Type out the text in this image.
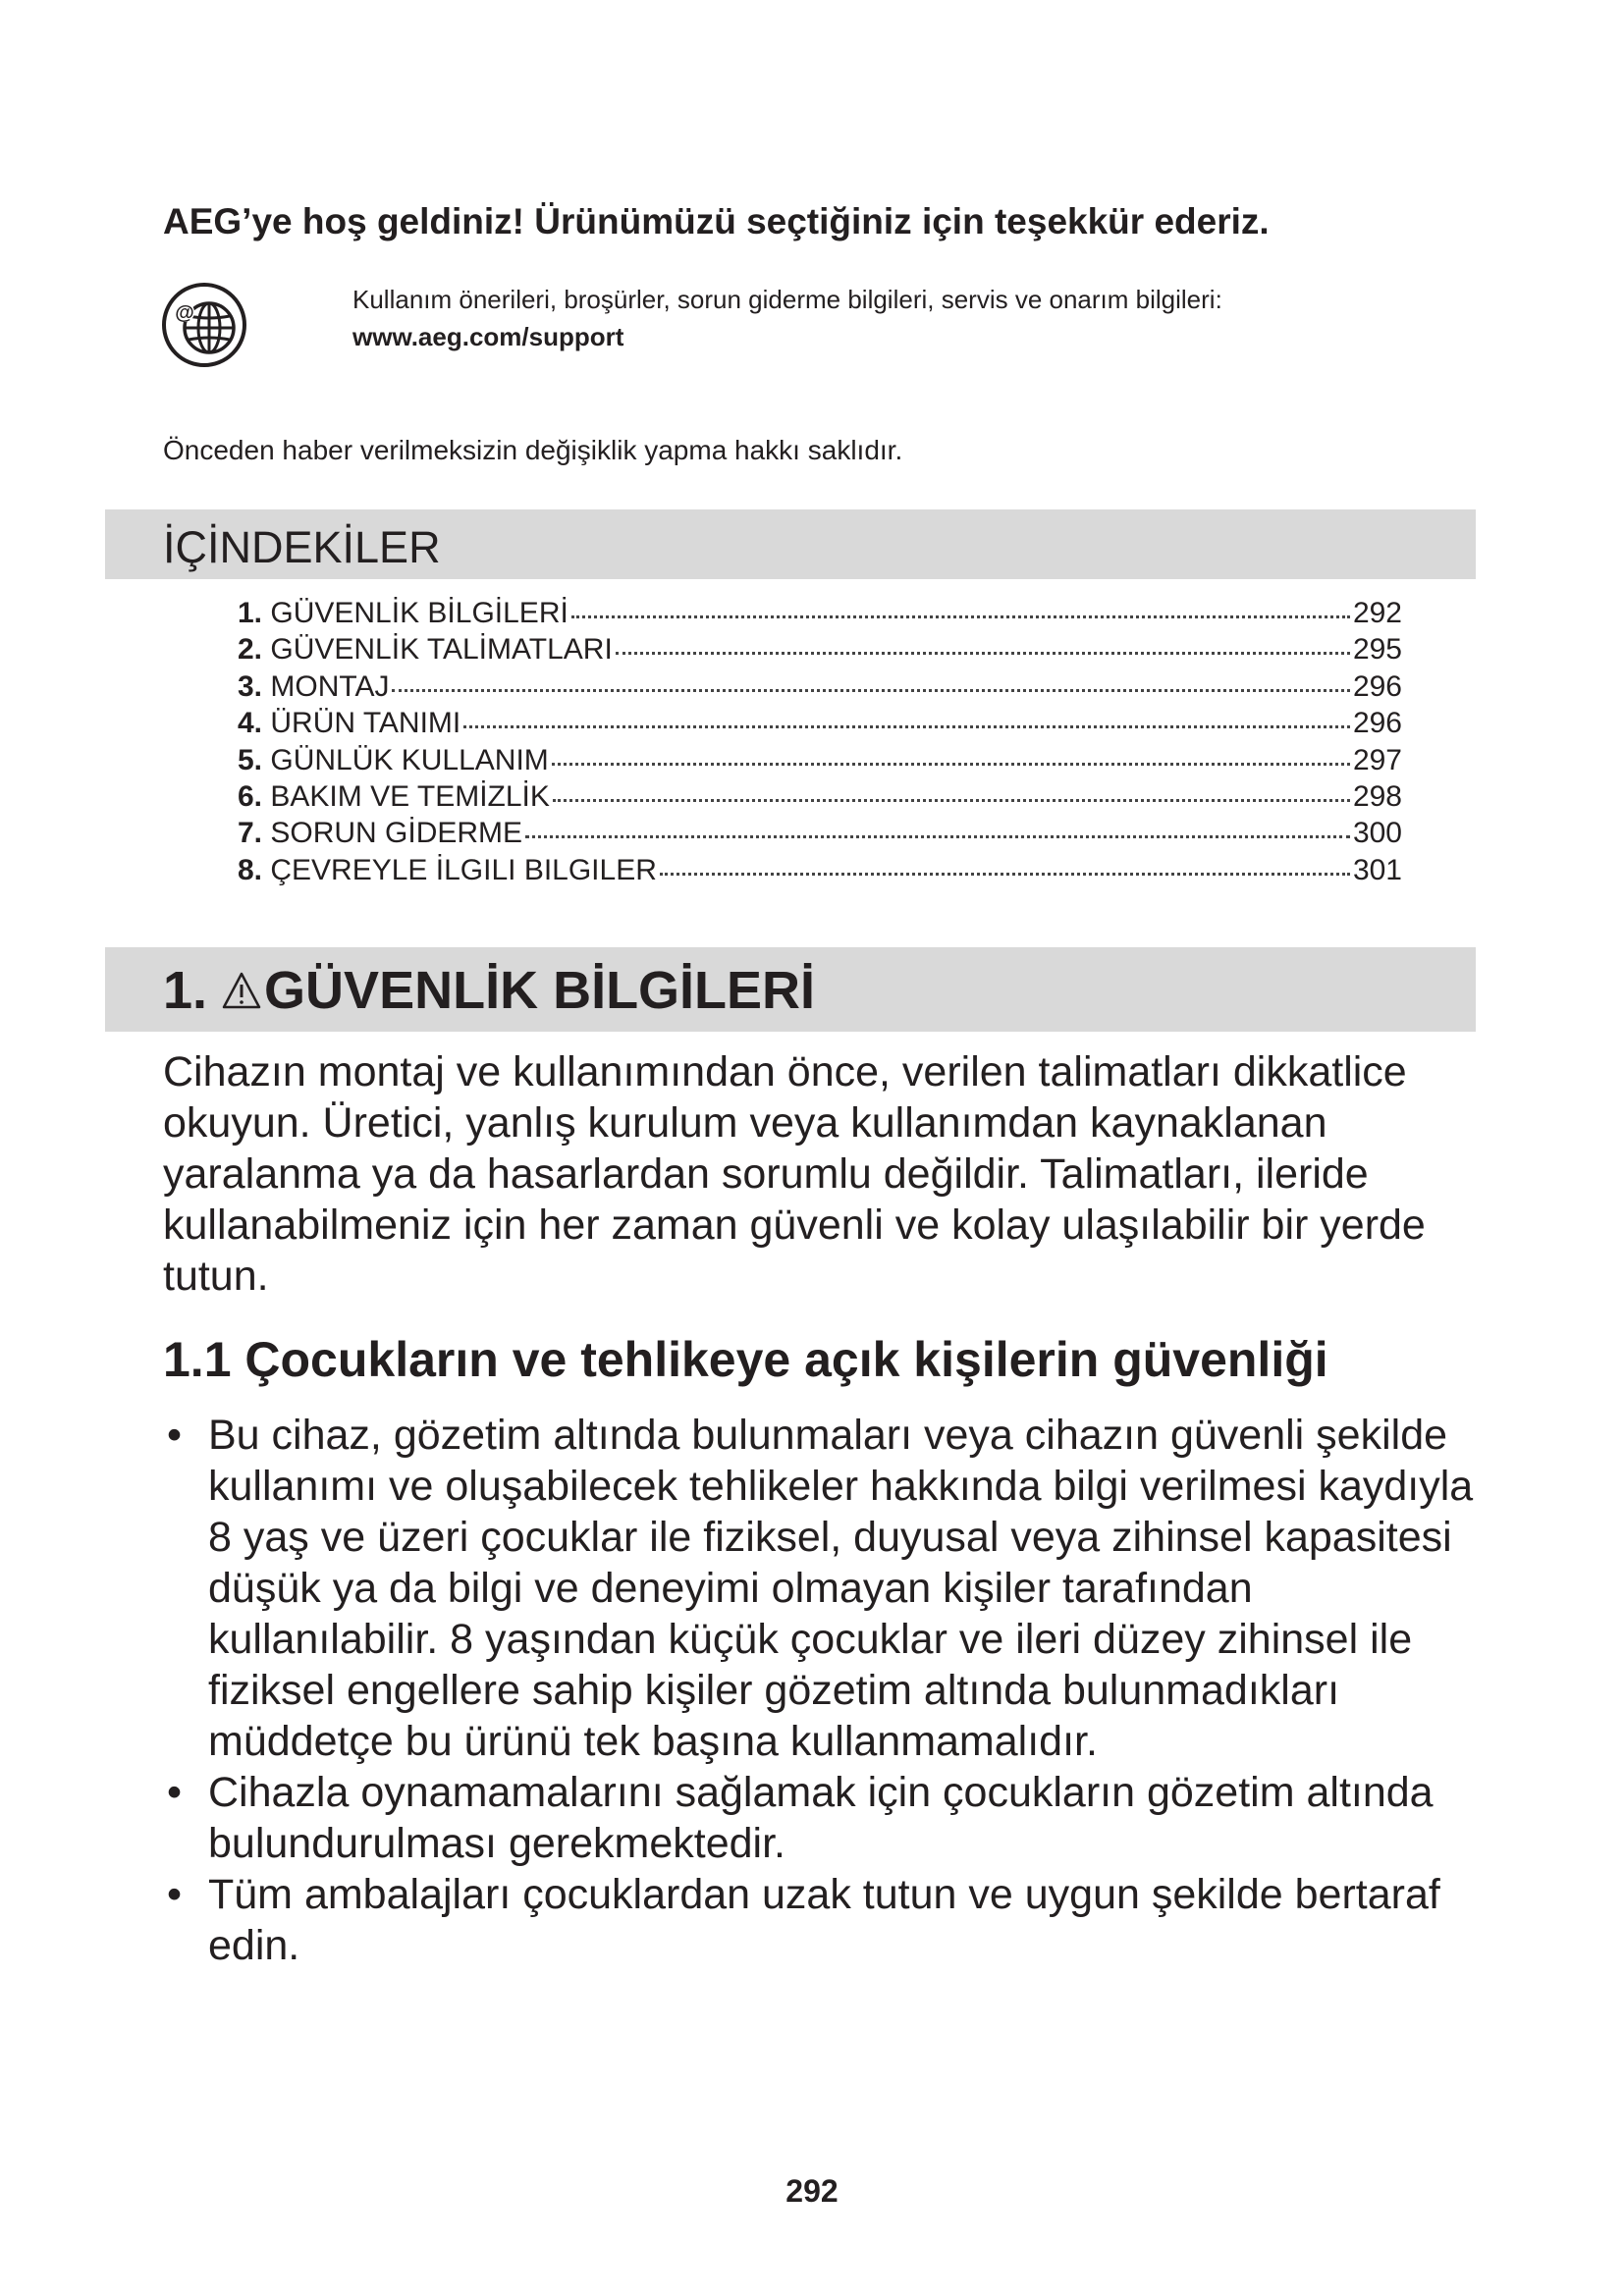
AEG’ye hoş geldiniz! Ürünümüzü seçtiğiniz için teşekkür ederiz.
@	Kullanım önerileri, broşürler, sorun giderme bilgileri, servis ve onarım bilgileri:
www.aeg.com/support
Önceden haber verilmeksizin değişiklik yapma hakkı saklıdır.
İÇİNDEKİLER
1.
GÜVENLİK BİLGİLERİ	292
2.
GÜVENLİK TALİMATLARI	295
3.
MONTAJ	296
4.
ÜRÜN TANIMI	296
5.
GÜNLÜK KULLANIM	297
6.
BAKIM VE TEMİZLİK	298
7.
SORUN GİDERME	300
8.
ÇEVREYLE İLGILI BILGILER	301
1. GÜVENLİK BİLGİLERİ

Cihazın montaj ve kullanımından önce, verilen talimatları dikkatlice okuyun. Üretici, yanlış kurulum veya kullanımdan kaynaklanan yaralanma ya da hasarlardan sorumlu değildir. Talimatları, ileride kullanabilmeniz için her zaman güvenli ve kolay ulaşılabilir bir yerde tutun.

1.1 Çocukların ve tehlikeye açık kişilerin güvenliği
• Bu cihaz, gözetim altında bulunmaları veya cihazın güvenli şekilde kullanımı ve oluşabilecek tehlikeler hakkında bilgi verilmesi kaydıyla 8 yaş ve üzeri çocuklar ile fiziksel, duyusal veya zihinsel kapasitesi düşük ya da bilgi ve deneyimi olmayan kişiler tarafından kullanılabilir. 8 yaşından küçük çocuklar ve ileri düzey zihinsel ile fiziksel engellere sahip kişiler gözetim altında bulunmadıkları müddetçe bu ürünü tek başına kullanmamalıdır.
• Cihazla oynamamalarını sağlamak için çocukların gözetim altında bulundurulması gerekmektedir.
• Tüm ambalajları çocuklardan uzak tutun ve uygun şekilde bertaraf edin.
292
